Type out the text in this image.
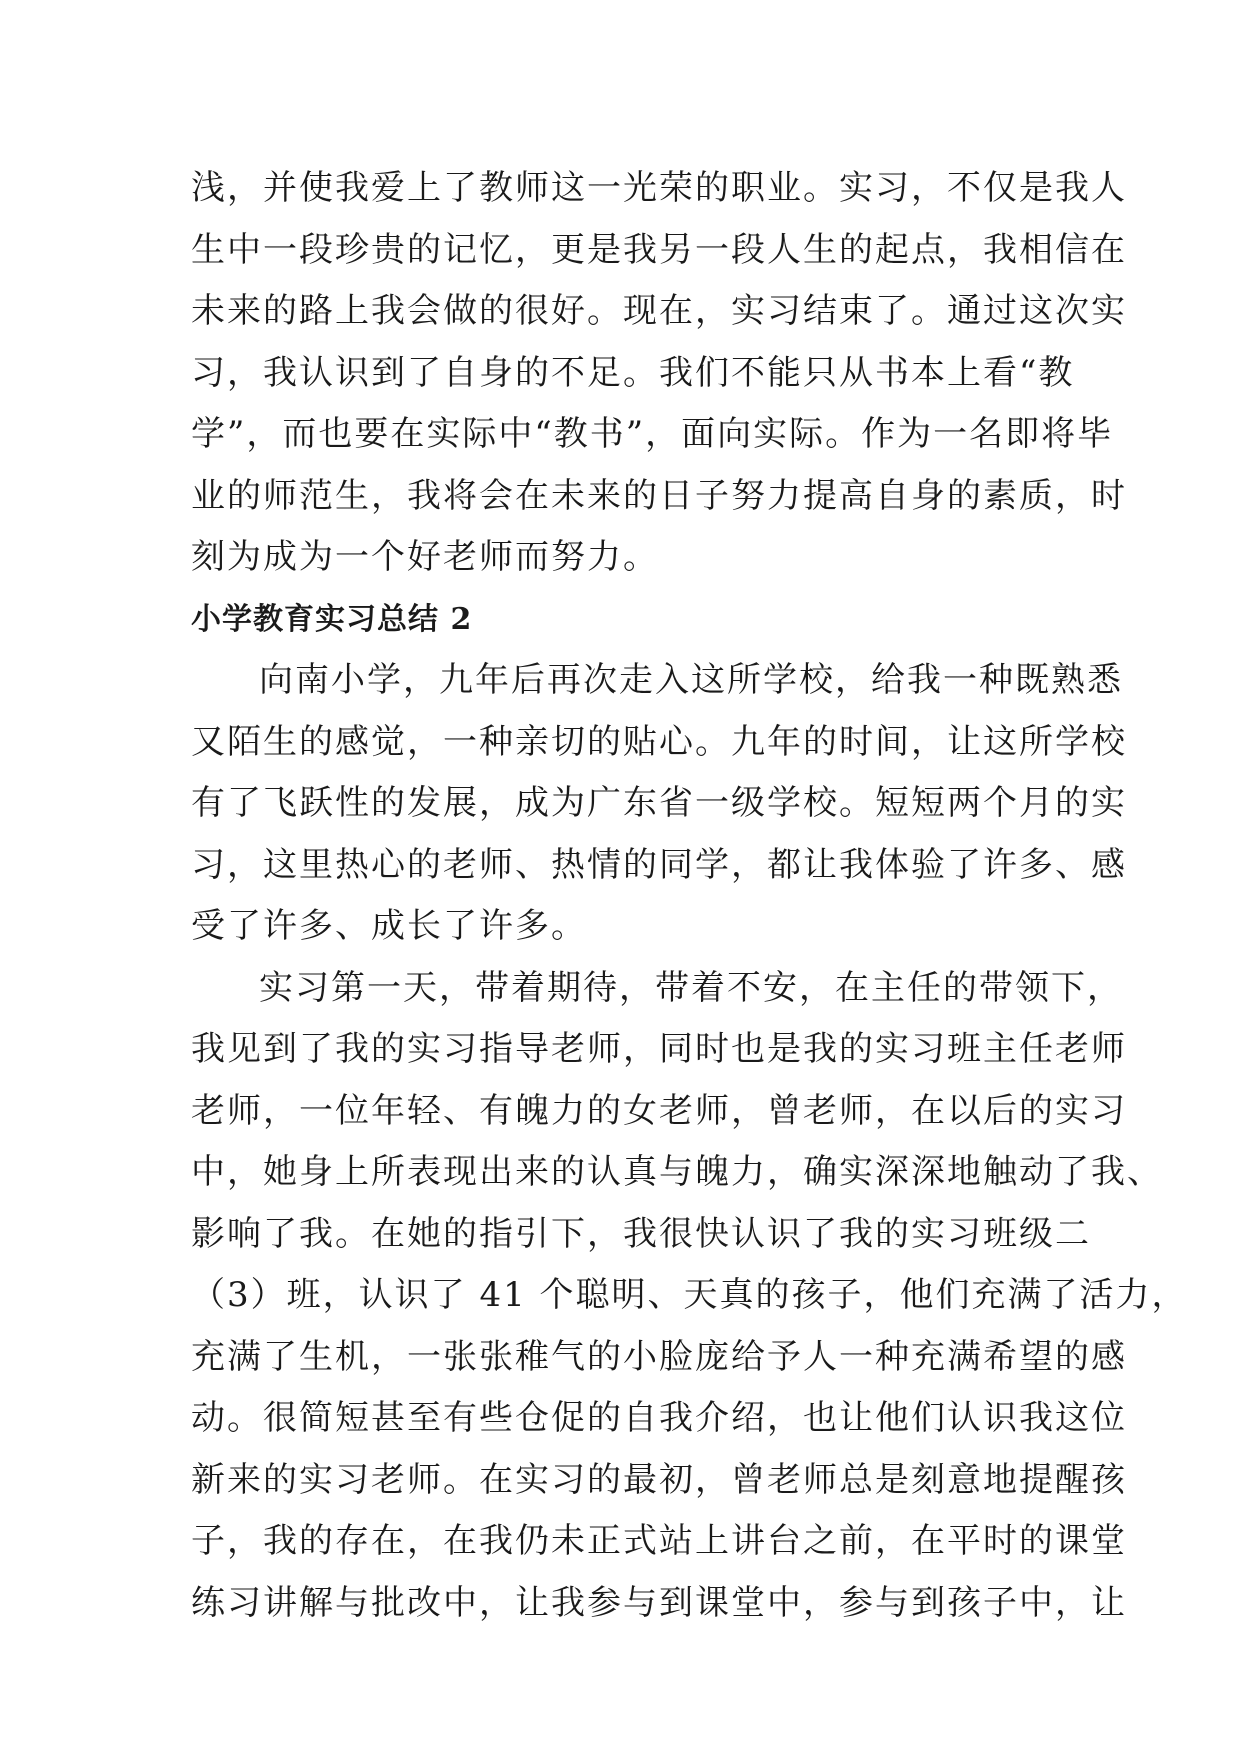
浅，并使我爱上了教师这一光荣的职业。实习，不仅是我人
生中一段珍贵的记忆，更是我另一段人生的起点，我相信在
未来的路上我会做的很好。现在，实习结束了。通过这次实
习，我认识到了自身的不足。我们不能只从书本上看“教
学”，而也要在实际中“教书”，面向实际。作为一名即将毕
业的师范生，我将会在未来的日子努力提高自身的素质，时
刻为成为一个好老师而努力。

小学教育实习总结 2

向南小学，九年后再次走入这所学校，给我一种既熟悉
又陌生的感觉，一种亲切的贴心。九年的时间，让这所学校
有了飞跃性的发展，成为广东省一级学校。短短两个月的实
习，这里热心的老师、热情的同学，都让我体验了许多、感
受了许多、成长了许多。

实习第一天，带着期待，带着不安，在主任的带领下，
我见到了我的实习指导老师，同时也是我的实习班主任老师
老师，一位年轻、有魄力的女老师，曾老师，在以后的实习
中，她身上所表现出来的认真与魄力，确实深深地触动了我、
影响了我。在她的指引下，我很快认识了我的实习班级二
（3）班，认识了 41 个聪明、天真的孩子，他们充满了活力，
充满了生机，一张张稚气的小脸庞给予人一种充满希望的感
动。很简短甚至有些仓促的自我介绍，也让他们认识我这位
新来的实习老师。在实习的最初，曾老师总是刻意地提醒孩
子，我的存在，在我仍未正式站上讲台之前，在平时的课堂
练习讲解与批改中，让我参与到课堂中，参与到孩子中，让
